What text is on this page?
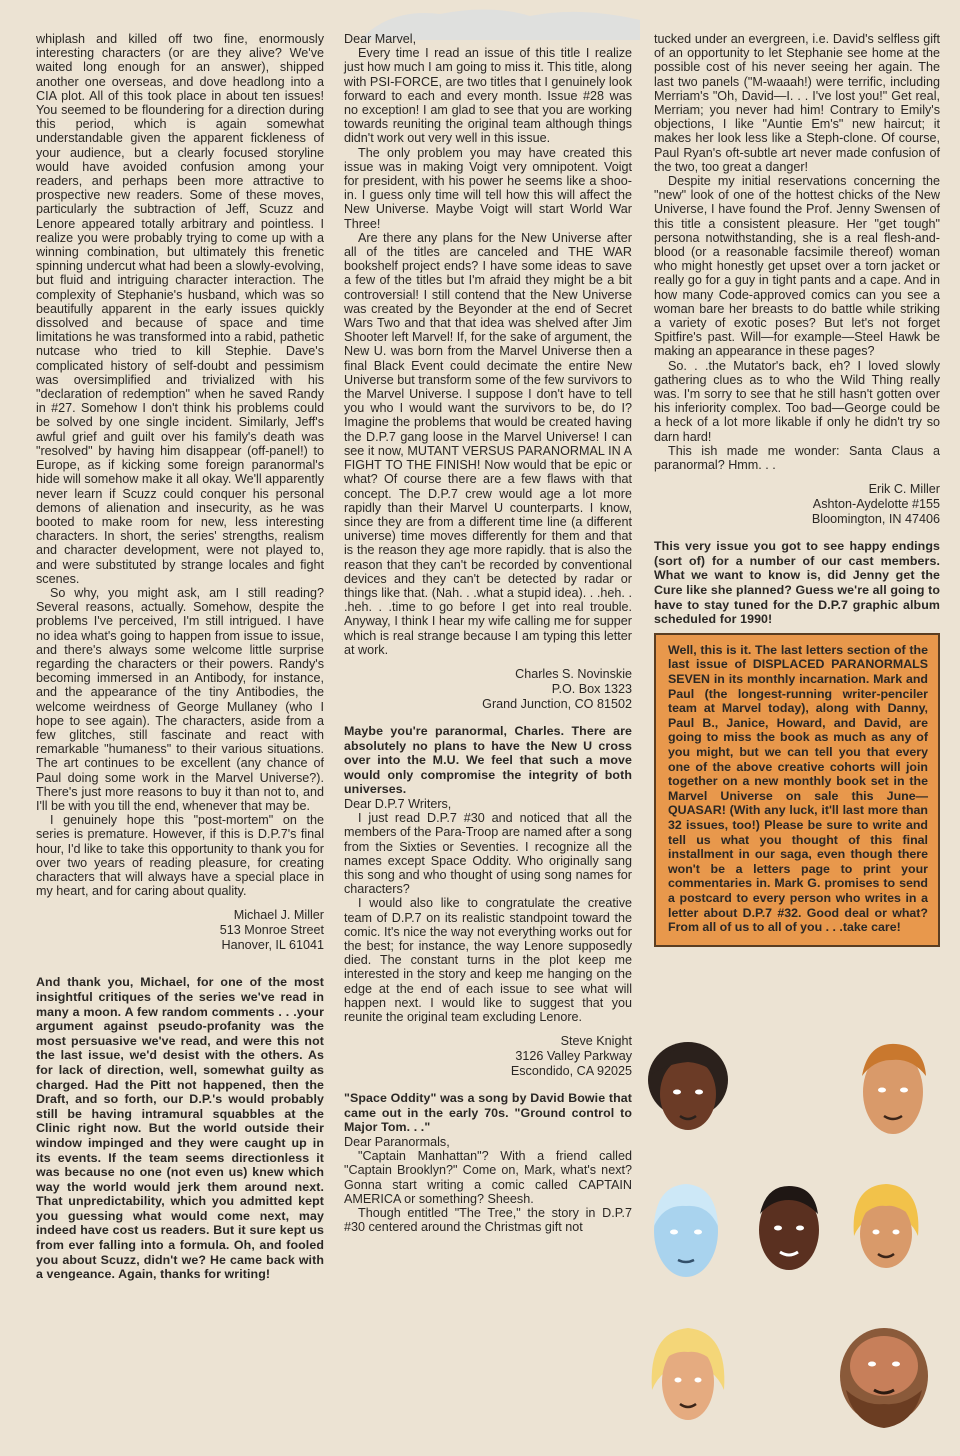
whiplash and killed off two fine, enormously interesting characters (or are they alive? We've waited long enough for an answer), shipped another one overseas, and dove headlong into a CIA plot. All of this took place in about ten issues! You seemed to be floundering for a direction during this period, which is again somewhat understandable given the apparent fickleness of your audience, but a clearly focused storyline would have avoided confusion among your readers, and perhaps been more attractive to prospective new readers. Some of these moves, particularly the subtraction of Jeff, Scuzz and Lenore appeared totally arbitrary and pointless. I realize you were probably trying to come up with a winning combination, but ultimately this frenetic spinning undercut what had been a slowly-evolving, but fluid and intriguing character interaction. The complexity of Stephanie's husband, which was so beautifully apparent in the early issues quickly dissolved and because of space and time limitations he was transformed into a rabid, pathetic nutcase who tried to kill Stephie. Dave's complicated history of self-doubt and pessimism was oversimplified and trivialized with his "declaration of redemption" when he saved Randy in #27. Somehow I don't think his problems could be solved by one single incident. Similarly, Jeff's awful grief and guilt over his family's death was "resolved" by having him disappear (off-panel!) to Europe, as if kicking some foreign paranormal's hide will somehow make it all okay. We'll apparently never learn if Scuzz could conquer his personal demons of alienation and insecurity, as he was booted to make room for new, less interesting characters. In short, the series' strengths, realism and character development, were not played to, and were substituted by strange locales and fight scenes.

So why, you might ask, am I still reading? Several reasons, actually. Somehow, despite the problems I've perceived, I'm still intrigued. I have no idea what's going to happen from issue to issue, and there's always some welcome little surprise regarding the characters or their powers. Randy's becoming immersed in an Antibody, for instance, and the appearance of the tiny Antibodies, the welcome weirdness of George Mullaney (who I hope to see again). The characters, aside from a few glitches, still fascinate and react with remarkable "humaness" to their various situations. The art continues to be excellent (any chance of Paul doing some work in the Marvel Universe?). There's just more reasons to buy it than not to, and I'll be with you till the end, whenever that may be.

I genuinely hope this "post-mortem" on the series is premature. However, if this is D.P.7's final hour, I'd like to take this opportunity to thank you for over two years of reading pleasure, for creating characters that will always have a special place in my heart, and for caring about quality.

Michael J. Miller
513 Monroe Street
Hanover, IL 61041

And thank you, Michael, for one of the most insightful critiques of the series we've read in many a moon. A few random comments . . .your argument against pseudo-profanity was the most persuasive we've read, and were this not the last issue, we'd desist with the others. As for lack of direction, well, somewhat guilty as charged. Had the Pitt not happened, then the Draft, and so forth, our D.P.'s would probably still be having intramural squabbles at the Clinic right now. But the world outside their window impinged and they were caught up in its events. If the team seems directionless it was because no one (not even us) knew which way the world would jerk them around next. That unpredictability, which you admitted kept you guessing what would come next, may indeed have cost us readers. But it sure kept us from ever falling into a formula. Oh, and fooled you about Scuzz, didn't we? He came back with a vengeance. Again, thanks for writing!

Dear Marvel,

Every time I read an issue of this title I realize just how much I am going to miss it. This title, along with PSI-FORCE, are two titles that I genuinely look forward to each and every month. Issue #28 was no exception! I am glad to see that you are working towards reuniting the original team although things didn't work out very well in this issue.

The only problem you may have created this issue was in making Voigt very omnipotent. Voigt for president, with his power he seems like a shoo-in. I guess only time will tell how this will affect the New Universe. Maybe Voigt will start World War Three!

Are there any plans for the New Universe after all of the titles are canceled and THE WAR bookshelf project ends? I have some ideas to save a few of the titles but I'm afraid they might be a bit controversial! I still contend that the New Universe was created by the Beyonder at the end of Secret Wars Two and that that idea was shelved after Jim Shooter left Marvel! If, for the sake of argument, the New U. was born from the Marvel Universe then a final Black Event could decimate the entire New Universe but transform some of the few survivors to the Marvel Universe. I suppose I don't have to tell you who I would want the survivors to be, do I? Imagine the problems that would be created having the D.P.7 gang loose in the Marvel Universe! I can see it now, MUTANT VERSUS PARANORMAL IN A FIGHT TO THE FINISH! Now would that be epic or what? Of course there are a few flaws with that concept. The D.P.7 crew would age a lot more rapidly than their Marvel U counterparts. I know, since they are from a different time line (a different universe) time moves differently for them and that is the reason they age more rapidly. that is also the reason that they can't be recorded by conventional devices and they can't be detected by radar or things like that. (Nah. . .what a stupid idea). . .heh. . .heh. . .time to go before I get into real trouble. Anyway, I think I hear my wife calling me for supper which is real strange because I am typing this letter at work.

Charles S. Novinskie
P.O. Box 1323
Grand Junction, CO 81502

Maybe you're paranormal, Charles. There are absolutely no plans to have the New U cross over into the M.U. We feel that such a move would only compromise the integrity of both universes.

Dear D.P.7 Writers,

I just read D.P.7 #30 and noticed that all the members of the Para-Troop are named after a song from the Sixties or Seventies. I recognize all the names except Space Oddity. Who originally sang this song and who thought of using song names for characters?

I would also like to congratulate the creative team of D.P.7 on its realistic standpoint toward the comic. It's nice the way not everything works out for the best; for instance, the way Lenore supposedly died. The constant turns in the plot keep me interested in the story and keep me hanging on the edge at the end of each issue to see what will happen next. I would like to suggest that you reunite the original team excluding Lenore.

Steve Knight
3126 Valley Parkway
Escondido, CA 92025

"Space Oddity" was a song by David Bowie that came out in the early 70s. "Ground control to Major Tom. . ."

Dear Paranormals,

"Captain Manhattan"? With a friend called "Captain Brooklyn?" Come on, Mark, what's next? Gonna start writing a comic called CAPTAIN AMERICA or something? Sheesh.

Though entitled "The Tree," the story in D.P.7 #30 centered around the Christmas gift not

tucked under an evergreen, i.e. David's selfless gift of an opportunity to let Stephanie see home at the possible cost of his never seeing her again. The last two panels ("M-waaah!) were terrific, including Merriam's "Oh, David—I. . . I've lost you!" Get real, Merriam; you never had him! Contrary to Emily's objections, I like "Auntie Em's" new haircut; it makes her look less like a Steph-clone. Of course, Paul Ryan's oft-subtle art never made confusion of the two, too great a danger!

Despite my initial reservations concerning the "new" look of one of the hottest chicks of the New Universe, I have found the Prof. Jenny Swensen of this title a consistent pleasure. Her "get tough" persona notwithstanding, she is a real flesh-and-blood (or a reasonable facsimile thereof) woman who might honestly get upset over a torn jacket or really go for a guy in tight pants and a cape. And in how many Code-approved comics can you see a woman bare her breasts to do battle while striking a variety of exotic poses? But let's not forget Spitfire's past. Will—for example—Steel Hawk be making an appearance in these pages?

So. . .the Mutator's back, eh? I loved slowly gathering clues as to who the Wild Thing really was. I'm sorry to see that he still hasn't gotten over his inferiority complex. Too bad—George could be a heck of a lot more likable if only he didn't try so darn hard!

This ish made me wonder: Santa Claus a paranormal? Hmm. . .

Erik C. Miller
Ashton-Aydelotte #155
Bloomington, IN 47406

This very issue you got to see happy endings (sort of) for a number of our cast members. What we want to know is, did Jenny get the Cure like she planned? Guess we're all going to have to stay tuned for the D.P.7 graphic album scheduled for 1990!

Well, this is it. The last letters section of the last issue of DISPLACED PARANORMALS SEVEN in its monthly incarnation. Mark and Paul (the longest-running writer-penciler team at Marvel today), along with Danny, Paul B., Janice, Howard, and David, are going to miss the book as much as any of you might, but we can tell you that every one of the above creative cohorts will join together on a new monthly book set in the Marvel Universe on sale this June—QUASAR! (With any luck, it'll last more than 32 issues, too!) Please be sure to write and tell us what you thought of this final installment in our saga, even though there won't be a letters page to print your commentaries in. Mark G. promises to send a postcard to every person who writes in a letter about D.P.7 #32. Good deal or what? From all of us to all of you . . .take care!
